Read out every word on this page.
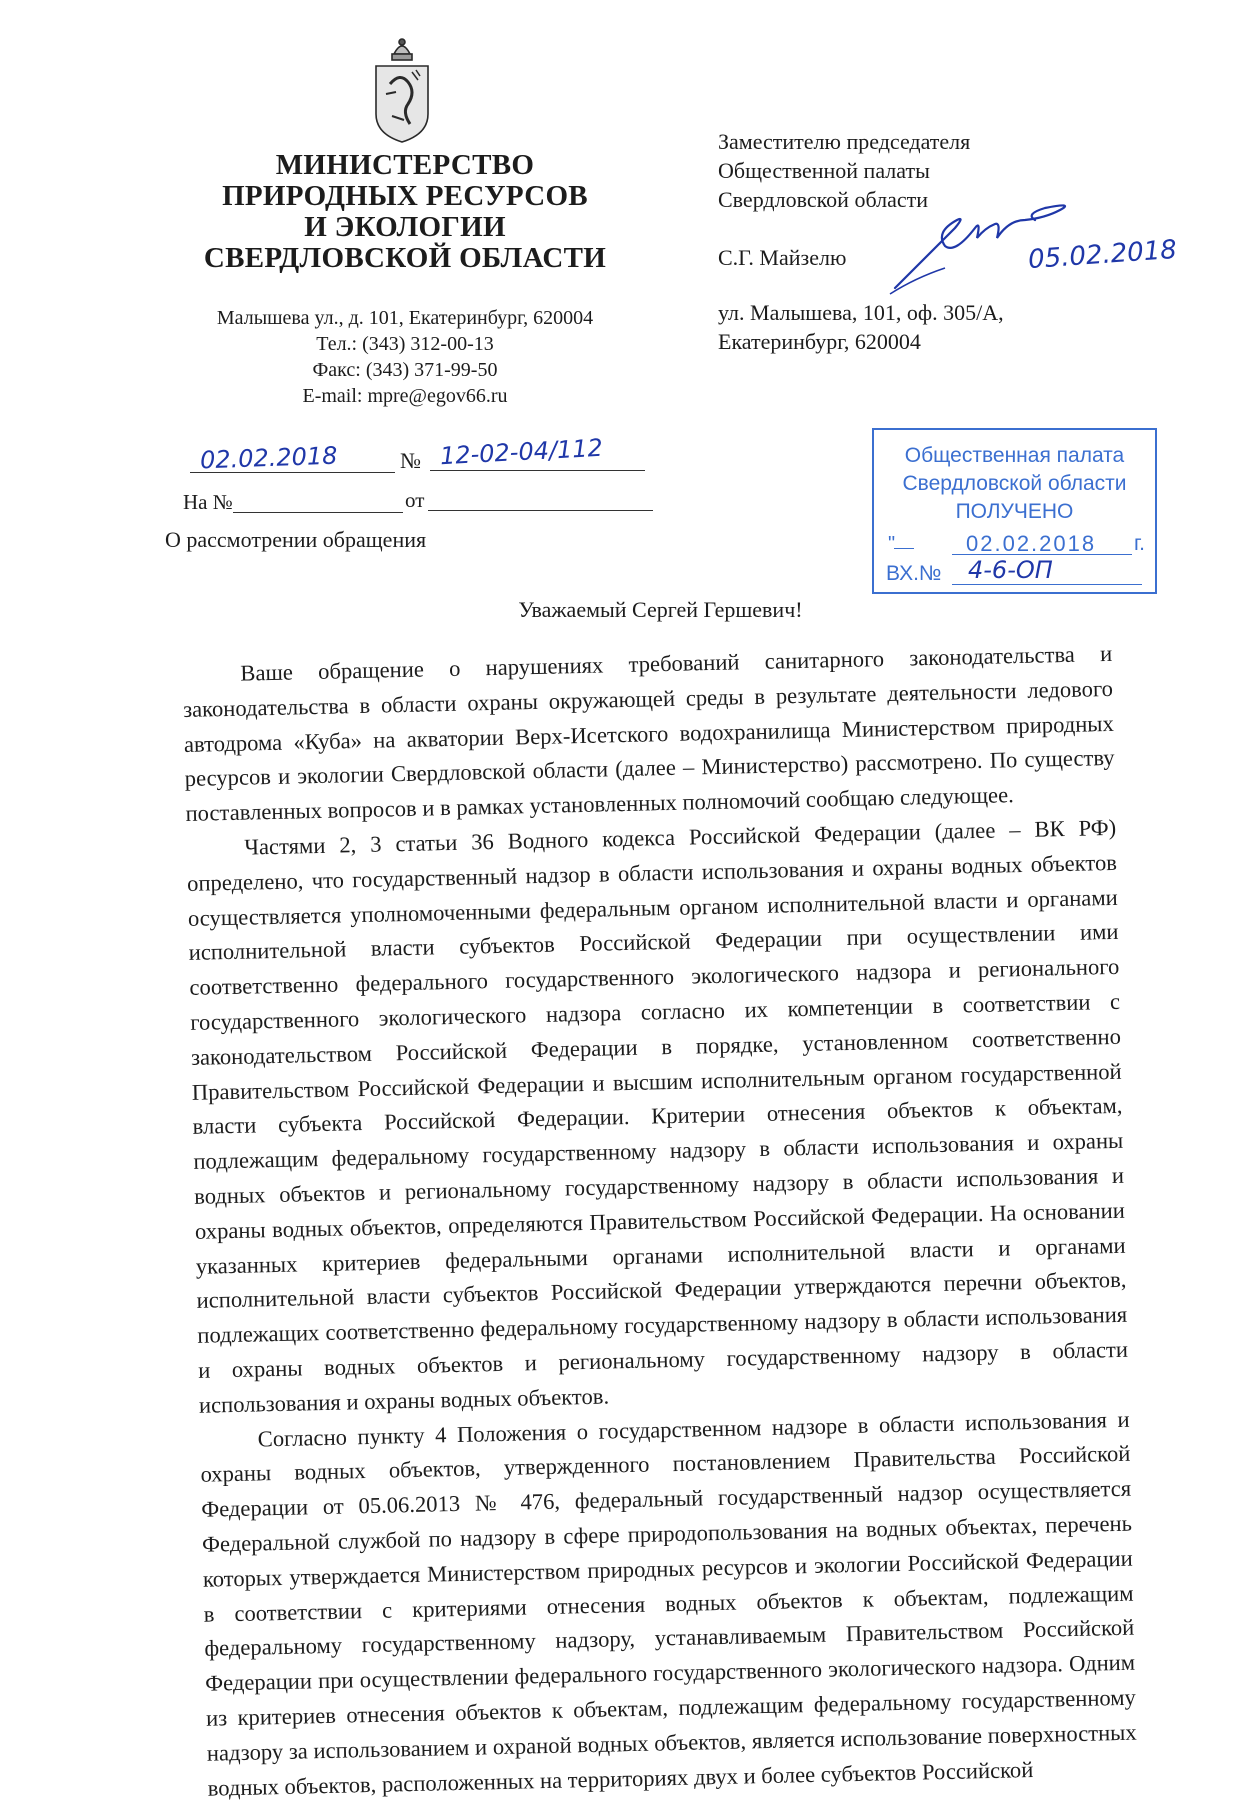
МИНИСТЕРСТВО
ПРИРОДНЫХ РЕСУРСОВ
И ЭКОЛОГИИ
СВЕРДЛОВСКОЙ ОБЛАСТИ
Малышева ул., д. 101, Екатеринбург, 620004
Тел.: (343) 312-00-13
Факс: (343) 371-99-50
E-mail: mpre@egov66.ru
Заместителю председателя
Общественной палаты
Свердловской области
С.Г. Майзелю
ул. Малышева, 101, оф. 305/А,
Екатеринбург, 620004
05.02.2018
02.02.2018	№ 12-02-04/112
На №	от
О рассмотрении обращения
Общественная палата
Свердловской области
ПОЛУЧЕНО
"	02.02.2018 г.
ВХ.№ 4-6-ОП
Уважаемый Сергей Гершевич!

Ваше обращение о нарушениях требований санитарного законодательства и законодательства в области охраны окружающей среды в результате деятельности ледового автодрома «Куба» на акватории Верх-Исетского водохранилища Министерством природных ресурсов и экологии Свердловской области (далее – Министерство) рассмотрено. По существу поставленных вопросов и в рамках установленных полномочий сообщаю следующее.

Частями 2, 3 статьи 36 Водного кодекса Российской Федерации (далее – ВК РФ) определено, что государственный надзор в области использования и охраны водных объектов осуществляется уполномоченными федеральным органом исполнительной власти и органами исполнительной власти субъектов Российской Федерации при осуществлении ими соответственно федерального государственного экологического надзора и регионального государственного экологического надзора согласно их компетенции в соответствии с законодательством Российской Федерации в порядке, установленном соответственно Правительством Российской Федерации и высшим исполнительным органом государственной власти субъекта Российской Федерации. Критерии отнесения объектов к объектам, подлежащим федеральному государственному надзору в области использования и охраны водных объектов и региональному государственному надзору в области использования и охраны водных объектов, определяются Правительством Российской Федерации. На основании указанных критериев федеральными органами исполнительной власти и органами исполнительной власти субъектов Российской Федерации утверждаются перечни объектов, подлежащих соответственно федеральному государственному надзору в области использования и охраны водных объектов и региональному государственному надзору в области использования и охраны водных объектов.

Согласно пункту 4 Положения о государственном надзоре в области использования и охраны водных объектов, утвержденного постановлением Правительства Российской Федерации от 05.06.2013 № 476, федеральный государственный надзор осуществляется Федеральной службой по надзору в сфере природопользования на водных объектах, перечень которых утверждается Министерством природных ресурсов и экологии Российской Федерации в соответствии с критериями отнесения водных объектов к объектам, подлежащим федеральному государственному надзору, устанавливаемым Правительством Российской Федерации при осуществлении федерального государственного экологического надзора. Одним из критериев отнесения объектов к объектам, подлежащим федеральному государственному надзору за использованием и охраной водных объектов, является использование поверхностных водных объектов, расположенных на территориях двух и более субъектов Российской
